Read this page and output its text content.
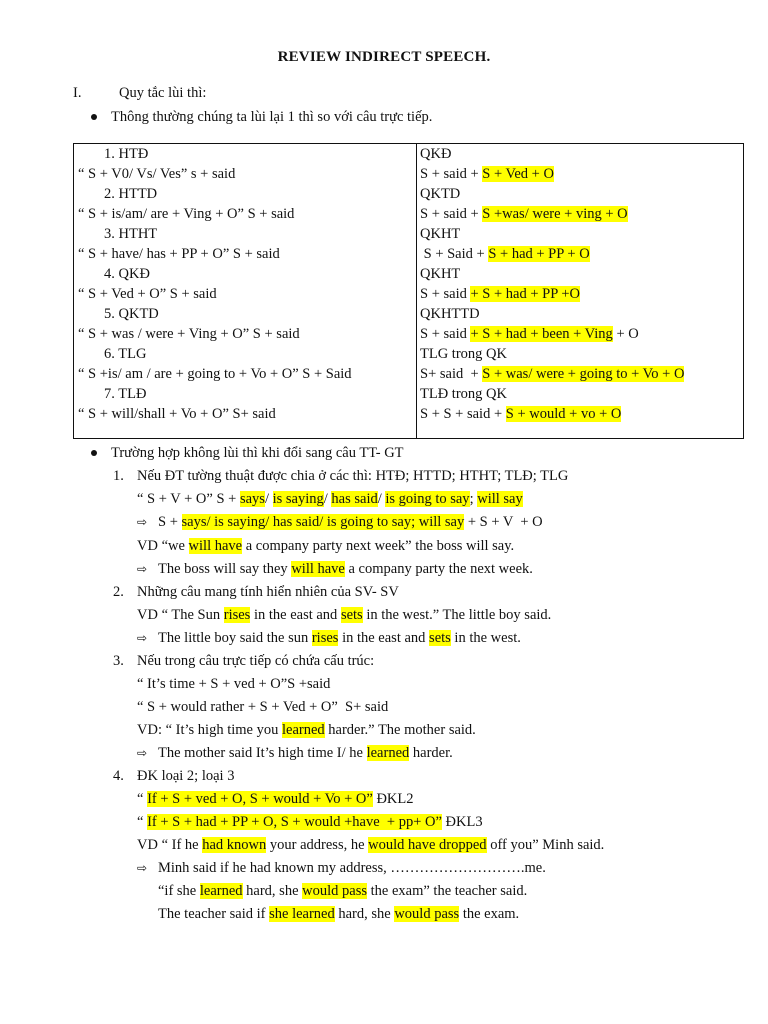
REVIEW INDIRECT SPEECH.
I.	Quy tắc lùi thì:
Thông thường chúng ta lùi lại 1 thì so với câu trực tiếp.
1. HTĐ
“ S + V0/ Vs/ Ves” s + said
2. HTTD
“ S + is/am/ are + Ving + O” S + said
3. HTHT
“ S + have/ has + PP + O” S + said
4. QKĐ
“ S + Ved + O” S + said
5. QKTD
“ S + was / were + Ving + O” S + said
6. TLG
“ S +is/ am / are + going to + Vo + O” S + Said
7. TLĐ
“ S + will/shall + Vo + O” S+ said
QKĐ
S + said + S + Ved + O
QKTD
S + said + S +was/ were + ving + O
QKHT
S + Said + S + had + PP + O
QKHT
S + said + S + had + PP +O
QKHTTD
S + said + S + had + been + Ving + O
TLG trong QK
S+ said  + S + was/ were + going to + Vo + O
TLĐ trong QK
S + S + said + S + would + vo + O
Trường hợp không lùi thì khi đổi sang câu TT- GT
1. Nếu ĐT tường thuật được chia ở các thì: HTĐ; HTTD; HTHT; TLĐ; TLG
“ S + V + O” S + says/ is saying/ has said/ is going to say; will say
⇨ S + says/ is saying/ has said/ is going to say; will say + S + V  + O
VD “we will have a company party next week” the boss will say.
⇨ The boss will say they will have a company party the next week.
2. Những câu mang tính hiển nhiên của SV- SV
VD “ The Sun rises in the east and sets in the west.” The little boy said.
⇨ The little boy said the sun rises in the east and sets in the west.
3. Nếu trong câu trực tiếp có chứa cấu trúc:
“ It’s time + S + ved + O”S +said
“ S + would rather + S + Ved + O”  S+ said
VD: “ It’s high time you learned harder.” The mother said.
⇨ The mother said It’s high time I/ he learned harder.
4. ĐK loại 2; loại 3
“ If + S + ved + O, S + would + Vo + O” ĐKL2
“ If + S + had + PP + O, S + would +have  + pp+ O” ĐKL3
VD “ If he had known your address, he would have dropped off you” Minh said.
⇨ Minh said if he had known my address, ……………………….me.
“if she learned hard, she would pass the exam” the teacher said.
The teacher said if she learned hard, she would pass the exam.
